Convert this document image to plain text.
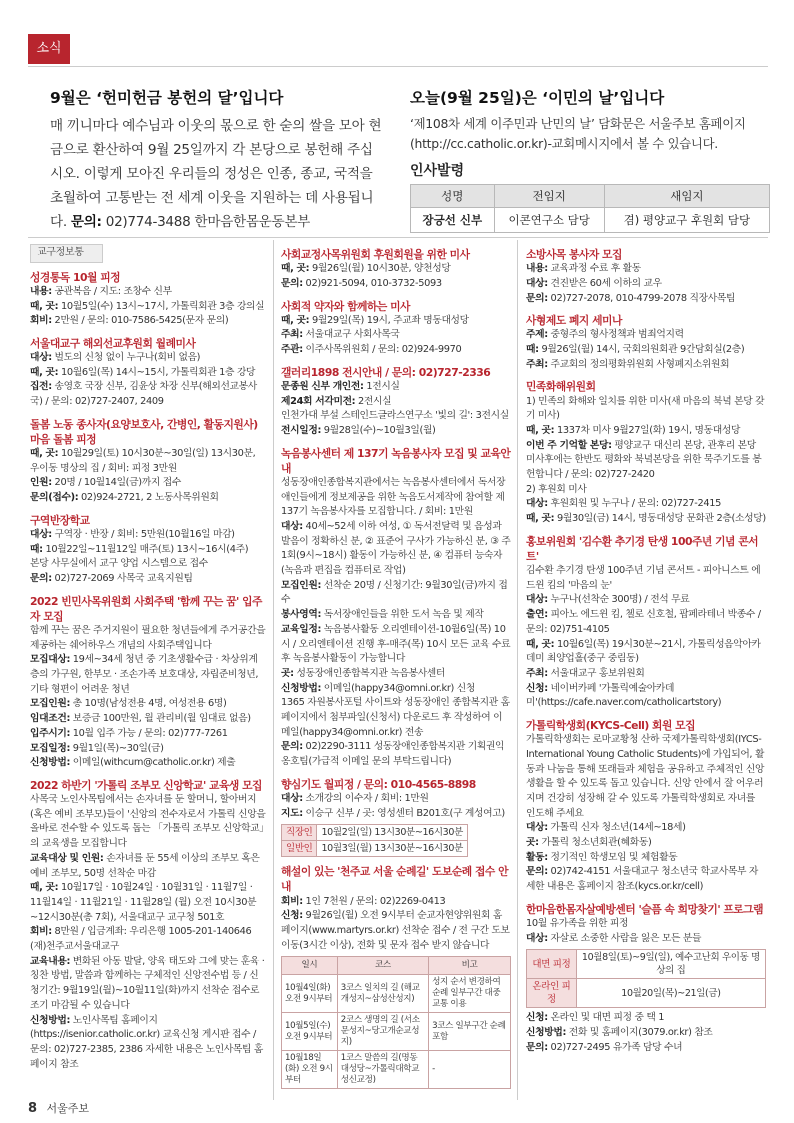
소식
9월은 ‘헌미헌금 봉헌의 달’입니다

매 끼니마다 예수님과 이웃의 몫으로 한 숟의 쌀을 모아 현금으로 환산하여 9월 25일까지 각 본당으로 봉헌해 주십시오. 이렇게 모아진 우리들의 정성은 인종, 종교, 국적을 초월하여 고통받는 전 세계 이웃을 지원하는 데 사용됩니다. 문의: 02)774-3488 한마음한몸운동본부

오늘(9월 25일)은 ‘이민의 날’입니다

‘제108차 세계 이주민과 난민의 날’ 담화문은 서울주보 홈페이지(http://cc.catholic.or.kr)-교회메시지에서 볼 수 있습니다.

인사발령
성명	전임지	새임지
장긍선 신부	이콘연구소 담당	겸) 평양교구 후원회 담당
교구정보통
성경통독 10월 피정
내용: 공관복음 / 지도: 조창수 신부
때, 곳: 10월5일(수) 13시~17시, 가톨릭회관 3층 강의실
회비: 2만원 / 문의: 010-7586-5425(문자 문의)
서울대교구 해외선교후원회 월례미사
대상: 벌도의 신청 없이 누구나(회비 없음)
때, 곳: 10월6일(목) 14시~15시, 가톨릭회관 1층 강당
집전: 송영호 국장 신부, 김윤상 차장 신부(해외선교봉사국) / 문의: 02)727-2407, 2409
돌봄 노동 종사자(요양보호사, 간병인, 활동지원사) 마음 돌봄 피정
때, 곳: 10월29일(토) 10시30분~30일(일) 13시30분, 우이동 명상의 집 / 회비: 피정 3만원
인원: 20명 / 10월14일(금)까지 접수
문의(접수): 02)924-2721, 2 노동사목위원회
구역반장학교
대상: 구역장 · 반장 / 회비: 5만원(10월16일 마감)
때: 10월22일~11월12일 매주(토) 13시~16시(4주)
본당 사무실에서 교구 양업 시스템으로 접수
문의: 02)727-2069 사목국 교육지원팀
2022 빈민사목위원회 사회주택 '함께 꾸는 꿈' 입주자 모집
함께 꾸는 꿈은 주거지원이 필요한 청년들에게 주거공간을 제공하는 쉐어하우스 개념의 사회주택입니다
모집대상: 19세~34세 청년 중 기초생활수급 · 차상위계층의 가구원, 한부모 · 조손가족 보호대상, 자립준비청년, 기타 형편이 어려운 청년
모집인원: 총 10명(남성전용 4명, 여성전용 6명)
임대조건: 보증금 100만원, 월 관리비(월 임대료 없음)
입주시기: 10월 입주 가능 / 문의: 02)777-7261
모집일정: 9월1일(목)~30일(금)
신청방법: 이메일(withcum@catholic.or.kr) 제출
2022 하반기 '가톨릭 조부모 신앙학교' 교육생 모집
사목국 노인사목팀에서는 손자녀를 둔 할머니, 할아버지(혹은 예비 조부모)들이 '신앙의 전수자로서 가톨릭 신앙을 올바로 전수할 수 있도록 돕는 「가톨릭 조부모 신앙학교」의 교육생을 모집합니다
교육대상 및 인원: 손자녀를 둔 55세 이상의 조부모 혹은 예비 조부모, 50명 선착순 마감
때, 곳: 10월17일 · 10월24일 · 10월31일 · 11월7일 · 11월14일 · 11월21일 · 11월28일 (월) 오전 10시30분~12시30분(총 7회), 서울대교구 교구청 501호
회비: 8만원 / 입금계좌: 우리은행 1005-201-140646 (재)천주교서울대교구
교육내용: 변화된 아동 발달, 양육 태도와 그에 맞는 훈육 · 칭찬 방법, 말씀과 함께하는 구체적인 신앙전수법 등 / 신청기간: 9월19일(월)~10월11일(화)까지 선착순 접수로 조기 마감될 수 있습니다
신청방법: 노인사목팀 홈페이지(https://isenior.catholic.or.kr) 교육신청 게시판 접수 / 문의: 02)727-2385, 2386 자세한 내용은 노인사목팀 홈페이지 참조
사회교정사목위원회 후원회원을 위한 미사
때, 곳: 9월26일(월) 10시30분, 양천성당
문의: 02)921-5094, 010-3732-5093
사회적 약자와 함께하는 미사
때, 곳: 9월29일(목) 19시, 주교좌 명동대성당
주최: 서울대교구 사회사목국
주관: 이주사목위원회 / 문의: 02)924-9970
갤러리1898 전시안내 / 문의: 02)727-2336
문종원 신부 개인전: 1전시실
제24회 서각미전: 2전시실
인천가대 부설 스테인드글라스연구소 '빛의 길': 3전시실
전시일정: 9월28일(수)~10월3일(월)
녹음봉사센터 제 137기 녹음봉사자 모집 및 교육안내
성동장애인종합복지관에서는 녹음봉사센터에서 독서장애인들에게 정보제공을 위한 녹음도서제작에 참여할 제 137기 녹음봉사자를 모집합니다. / 회비: 1만원
대상: 40세~52세 이하 여성, ① 독서전달력 및 음성과 발음이 정확하신 분, ② 표준어 구사가 가능하신 분, ③ 주1회(9시~18시) 활동이 가능하신 분, ④ 컴퓨터 능숙자(녹음과 편집을 컴퓨터로 작업)
모집인원: 선착순 20명 / 신청기간: 9월30일(금)까지 접수
봉사영역: 독서장애인들을 위한 도서 녹음 및 제작
교육일정: 녹음봉사활동 오리엔테이션-10월6일(목) 10시 / 오리엔테이션 진행 후-매주(목) 10시 모든 교육 수료 후 녹음봉사활동이 가능합니다
곳: 성동장애인종합복지관 녹음봉사센터
신청방법: 이메일(happy34@omni.or.kr) 신청
1365 자원봉사포털 사이트와 성동장애인 종합복지관 홈페이지에서 첨부파일(신청서) 다운로드 후 작성하여 이메일(happy34@omni.or.kr) 전송
문의: 02)2290-3111 성동장애인종합복지관 기획권익옹호팀(가급적 이메일 문의 부탁드립니다)
향심기도 월피정 / 문의: 010-4565-8898
대상: 소개강의 이수자 / 회비: 1만원
지도: 이승구 신부 / 곳: 영성센터 B201호(구 계성여고)
직장인	10월2일(일) 13시30분~16시30분
일반인	10월3일(월) 13시30분~16시30분
해설이 있는 '천주교 서울 순례길' 도보순례 접수 안내
회비: 1인 7천원 / 문의: 02)2269-0413
신청: 9월26일(월) 오전 9시부터 순교자현양위원회 홈페이지(www.martyrs.or.kr) 선착순 접수 / 전 구간 도보 이동(3시간 이상), 전화 및 문자 접수 받지 않습니다
일시	코스	비고
10월4일(화) 오전 9시부터	3코스 일치의 길 (해교개성지~삼성산성지)	성지 순서 변경하여 순례 일부구간 대중교통 이용
10월5일(수) 오전 9시부터	2코스 생명의 길 (서소문성지~당고개순교성지)	3코스 일부구간 순례 포함
10월18일(화) 오전 9시부터	1코스 말씀의 길(명동대성당~가톨릭대학교 성신교정)	-
소방사목 봉사자 모집
내용: 교육과정 수료 후 활동
대상: 견진받은 60세 이하의 교우
문의: 02)727-2078, 010-4799-2078 직장사목팀
사형제도 폐지 세미나
주제: 중형주의 형사정책과 범죄억지력
때: 9월26일(월) 14시, 국회의원회관 9간담회실(2층)
주최: 주교회의 정의평화위원회 사형폐지소위원회
민족화해위원회
1) 민족의 화해와 일치를 위한 미사(새 마음의 북녘 본당 갖기 미사)
때, 곳: 1337차 미사 9월27일(화) 19시, 명동대성당
이번 주 기억할 본당: 평양교구 대신리 본당, 관후리 본당
미사후에는 한반도 평화와 북녘본당을 위한 묵주기도를 봉헌합니다 / 문의: 02)727-2420
2) 후원회 미사
대상: 후원회원 및 누구나 / 문의: 02)727-2415
때, 곳: 9월30일(금) 14시, 명동대성당 문화관 2층(소성당)
홍보위원회 '김수환 추기경 탄생 100주년 기념 콘서트'
김수환 추기경 탄생 100주년 기념 콘서트 - 피아니스트 에드윈 킴의 '마음의 눈'
대상: 누구나(선착순 300명) / 전석 무료
출연: 피아노 에드윈 킴, 첼로 신호철, 팝페라테너 박종수 / 문의: 02)751-4105
때, 곳: 10월6일(목) 19시30분~21시, 가톨릭성음악아카데미 최양업홀(중구 중림동)
주최: 서울대교구 홍보위원회
신청: 네이버카페 '가톨릭예술아카데미'(https://cafe.naver.com/catholicartstory)
가톨릭학생회(KYCS-Cell) 회원 모집
가톨릭학생회는 로마교황청 산하 국제가톨릭학생회(IYCS-International Young Catholic Students)에 가입되어, 활동과 나눔을 통해 또래들과 체험을 공유하고 주체적인 신앙생활을 할 수 있도록 돕고 있습니다. 신앙 안에서 잘 어우러지며 건강히 성장해 갈 수 있도록 가톨릭학생회로 자녀를 인도해 주세요
대상: 가톨릭 신자 청소년(14세~18세)
곳: 가톨릭 청소년회관(혜화동)
활동: 정기적인 학생모임 및 체험활동
문의: 02)742-4151 서울대교구 청소년국 학교사목부 자세한 내용은 홈페이지 참조(kycs.or.kr/cell)
한마음한몸자살예방센터 '슬픔 속 희망찾기' 프로그램
10월 유가족을 위한 피정
대상: 자살로 소중한 사람을 잃은 모든 분들
대면 피정	10월8일(토)~9일(일), 예수고난회 우이동 명상의 집
온라인 피정	10월20일(목)~21일(금)
신청: 온라인 및 대면 피정 중 택 1
신청방법: 전화 및 홈페이지(3079.or.kr) 참조
문의: 02)727-2495 유가족 담당 수녀
8 서울주보
